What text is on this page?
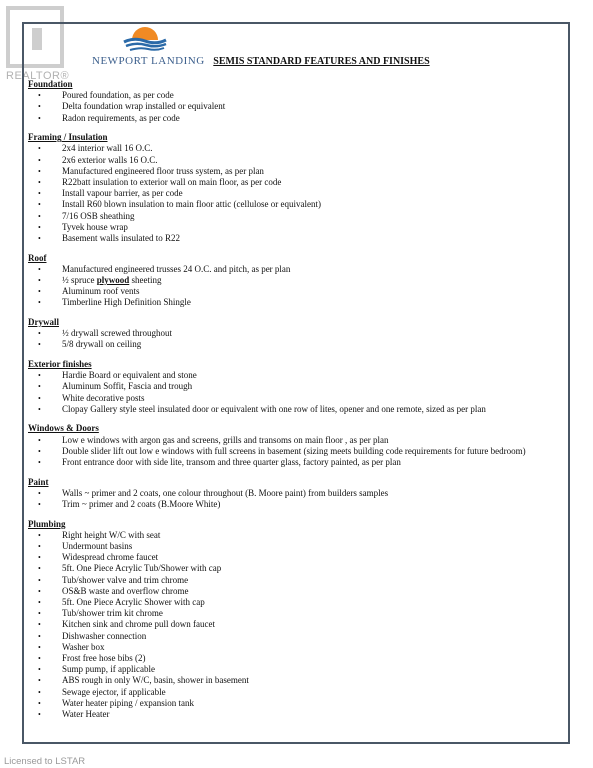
REALTOR®
NEWPORT LANDING SEMIS STANDARD FEATURES AND FINISHES
Foundation
• Poured foundation, as per code
• Delta foundation wrap installed or equivalent
• Radon requirements, as per code
Framing / Insulation
• 2x4 interior wall 16 O.C.
• 2x6 exterior walls 16 O.C.
• Manufactured engineered floor truss system, as per plan
• R22batt insulation to exterior wall on main floor, as per code
• Install vapour barrier, as per code
• Install R60 blown insulation to main floor attic (cellulose or equivalent)
• 7/16 OSB sheathing
• Tyvek house wrap
• Basement walls insulated to R22
Roof
• Manufactured engineered trusses 24 O.C. and pitch, as per plan
• ½ spruce plywood sheeting
• Aluminum roof vents
• Timberline High Definition Shingle
Drywall
• ½ drywall screwed throughout
• 5/8 drywall on ceiling
Exterior finishes
• Hardie Board or equivalent and stone
• Aluminum Soffit, Fascia and trough
• White decorative posts
• Clopay Gallery style steel insulated door or equivalent with one row of lites, opener and one remote, sized as per plan
Windows & Doors
• Low e windows with argon gas and screens, grills and transoms on main floor , as per plan
• Double slider lift out low e windows with full screens in basement (sizing meets building code requirements for future bedroom)
• Front entrance door with side lite, transom and three quarter glass, factory painted, as per plan
Paint
• Walls ~ primer and 2 coats, one colour throughout (B. Moore paint) from builders samples
• Trim ~ primer and 2 coats (B.Moore White)
Plumbing
• Right height W/C with seat
• Undermount basins
• Widespread chrome faucet
• 5ft. One Piece Acrylic Tub/Shower with cap
• Tub/shower valve and trim chrome
• OS&B waste and overflow chrome
• 5ft. One Piece Acrylic Shower with cap
• Tub/shower trim kit chrome
• Kitchen sink and chrome pull down faucet
• Dishwasher connection
• Washer box
• Frost free hose bibs (2)
• Sump pump, if applicable
• ABS rough in only W/C, basin, shower in basement
• Sewage ejector, if applicable
• Water heater piping / expansion tank
• Water Heater
Licensed to LSTAR
